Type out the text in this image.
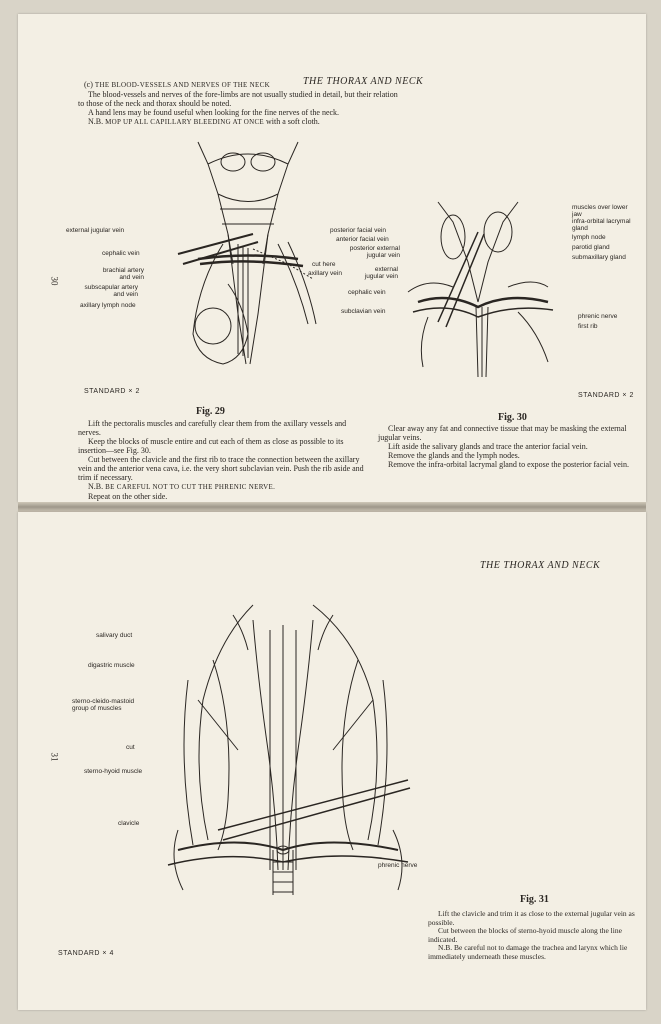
THE THORAX AND NECK
30
(c) THE BLOOD-VESSELS AND NERVES OF THE NECK

The blood-vessels and nerves of the fore-limbs are not usually studied in detail, but their relation to those of the neck and thorax should be noted.

A hand lens may be found useful when looking for the fine nerves of the neck.

N.B. MOP UP ALL CAPILLARY BLEEDING AT ONCE with a soft cloth.

external jugular vein
cephalic vein
brachial artery and vein
subscapular artery and vein
axillary lymph node
cut here
axillary vein
STANDARD × 2
Fig. 29

Lift the pectoralis muscles and carefully clear them from the axillary vessels and nerves.

Keep the blocks of muscle entire and cut each of them as close as possible to its insertion—see Fig. 30.

Cut between the clavicle and the first rib to trace the connection between the axillary vein and the anterior vena cava, i.e. the very short subclavian vein. Push the rib aside and trim if necessary.

N.B. BE CAREFUL NOT TO CUT THE PHRENIC NERVE.

Repeat on the other side.

posterior facial vein
anterior facial vein
posterior external jugular vein
external jugular vein
cephalic vein
subclavian vein
muscles over lower jaw
infra-orbital lacrymal gland
lymph node
parotid gland
submaxillary gland
phrenic nerve
first rib
STANDARD × 2
Fig. 30

Clear away any fat and connective tissue that may be masking the external jugular veins.

Lift aside the salivary glands and trace the anterior facial vein.

Remove the glands and the lymph nodes.

Remove the infra-orbital lacrymal gland to expose the posterior facial vein.

THE THORAX AND NECK
31
salivary duct
digastric muscle
sterno-cleido-mastoid group of muscles
cut
sterno-hyoid muscle
clavicle
phrenic nerve
Fig. 31

Lift the clavicle and trim it as close to the external jugular vein as possible.

Cut between the blocks of sterno-hyoid muscle along the line indicated.

N.B. Be careful not to damage the trachea and larynx which lie immediately underneath these muscles.

STANDARD × 4
